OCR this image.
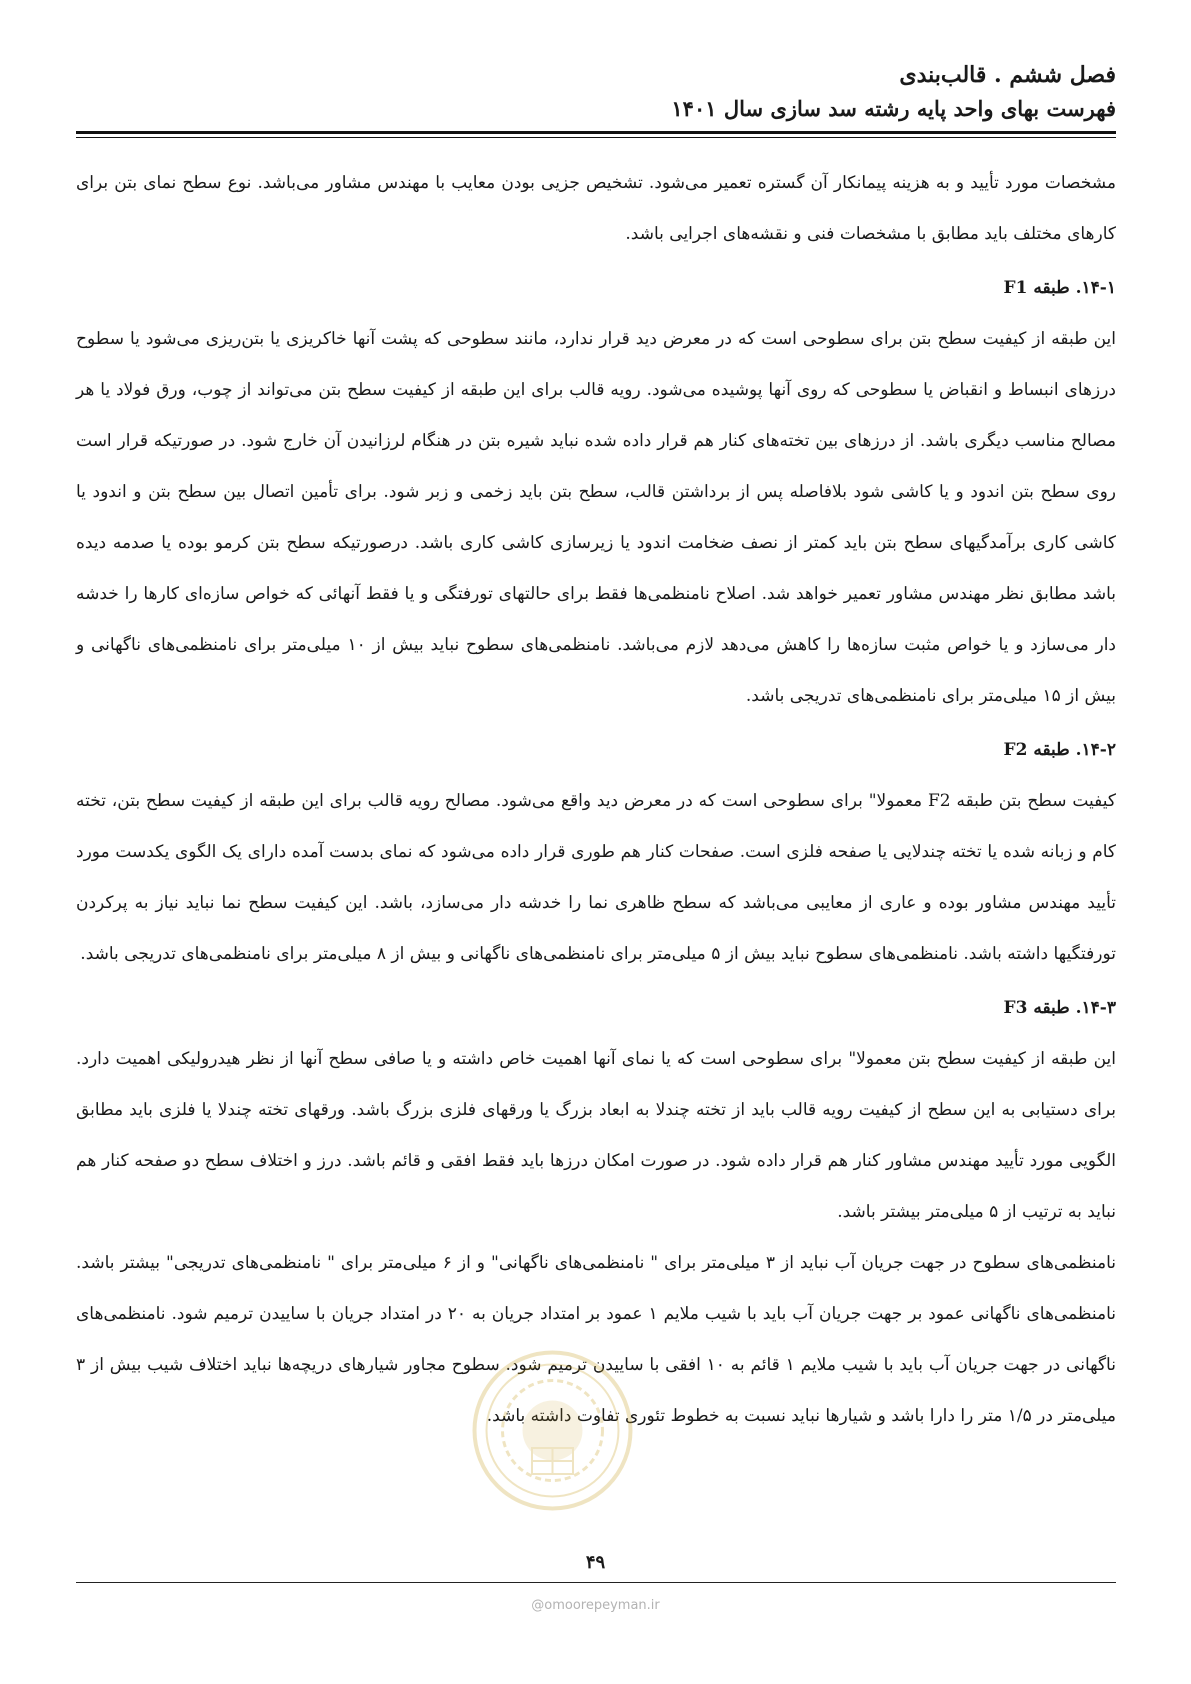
فصل ششم . قالب‌بندی
فهرست بهای واحد پایه رشته سد سازی سال ۱۴۰۱

مشخصات مورد تأیید و به هزینه پیمانکار آن گستره تعمیر می‌شود. تشخیص جزیی بودن معایب با مهندس مشاور می‌باشد. نوع سطح نمای بتن برای کارهای مختلف باید مطابق با مشخصات فنی و نقشه‌های اجرایی باشد.

۱۴-۱. طبقه F1

این طبقه از کیفیت سطح بتن برای سطوحی است که در معرض دید قرار ندارد، مانند سطوحی که پشت آنها خاکریزی یا بتن‌ریزی می‌شود یا سطوح درزهای انبساط و انقباض یا سطوحی که روی آنها پوشیده می‌شود. رویه قالب برای این طبقه از کیفیت سطح بتن می‌تواند از چوب، ورق فولاد یا هر مصالح مناسب دیگری باشد. از درزهای بین تخته‌های کنار هم قرار داده شده نباید شیره بتن در هنگام لرزانیدن آن خارج شود. در صورتیکه قرار است روی سطح بتن اندود و یا کاشی شود بلافاصله پس از برداشتن قالب، سطح بتن باید زخمی و زبر شود. برای تأمین اتصال بین سطح بتن و اندود یا کاشی کاری برآمدگیهای سطح بتن باید کمتر از نصف ضخامت اندود یا زیرسازی کاشی کاری باشد. درصورتیکه سطح بتن کرمو بوده یا صدمه دیده باشد مطابق نظر مهندس مشاور تعمیر خواهد شد. اصلاح نامنظمی‌ها فقط برای حالتهای تورفتگی و یا فقط آنهائی که خواص سازه‌ای کارها را خدشه دار می‌سازد و یا خواص مثبت سازه‌ها را کاهش می‌دهد لازم می‌باشد. نامنظمی‌های سطوح نباید بیش از ۱۰ میلی‌متر برای نامنظمی‌های ناگهانی و بیش از ۱۵ میلی‌متر برای نامنظمی‌های تدریجی باشد.

۱۴-۲. طبقه F2

کیفیت سطح بتن طبقه F2 معمولا" برای سطوحی است که در معرض دید واقع می‌شود. مصالح رویه قالب برای این طبقه از کیفیت سطح بتن، تخته کام و زبانه شده یا تخته چندلایی یا صفحه فلزی است. صفحات کنار هم طوری قرار داده می‌شود که نمای بدست آمده دارای یک الگوی یکدست مورد تأیید مهندس مشاور بوده و عاری از معایبی می‌باشد که سطح ظاهری نما را خدشه دار می‌سازد، باشد. این کیفیت سطح نما نباید نیاز به پرکردن تورفتگیها داشته باشد. نامنظمی‌های سطوح نباید بیش از ۵ میلی‌متر برای نامنظمی‌های ناگهانی و بیش از ۸ میلی‌متر برای نامنظمی‌های تدریجی باشد.

۱۴-۳. طبقه F3

این طبقه از کیفیت سطح بتن معمولا" برای سطوحی است که یا نمای آنها اهمیت خاص داشته و یا صافی سطح آنها از نظر هیدرولیکی اهمیت دارد. برای دستیابی به این سطح از کیفیت رویه قالب باید از تخته چندلا به ابعاد بزرگ یا ورقهای فلزی بزرگ باشد. ورقهای تخته چندلا یا فلزی باید مطابق الگویی مورد تأیید مهندس مشاور کنار هم قرار داده شود. در صورت امکان درزها باید فقط افقی و قائم باشد. درز و اختلاف سطح دو صفحه کنار هم نباید به ترتیب از ۵ میلی‌متر بیشتر باشد.

نامنظمی‌های سطوح در جهت جریان آب نباید از ۳ میلی‌متر برای " نامنظمی‌های ناگهانی" و از ۶ میلی‌متر برای " نامنظمی‌های تدریجی" بیشتر باشد. نامنظمی‌های ناگهانی عمود بر جهت جریان آب باید با شیب ملایم ۱ عمود بر امتداد جریان به ۲۰ در امتداد جریان با ساییدن ترمیم شود. نامنظمی‌های ناگهانی در جهت جریان آب باید با شیب ملایم ۱ قائم به ۱۰ افقی با ساییدن ترمیم شود. سطوح مجاور شیارهای دریچه‌ها نباید اختلاف شیب بیش از ۳ میلی‌متر در ۱/۵ متر را دارا باشد و شیارها نباید نسبت به خطوط تئوری تفاوت داشته باشد.

۴۹
@omoorepeyman.ir
